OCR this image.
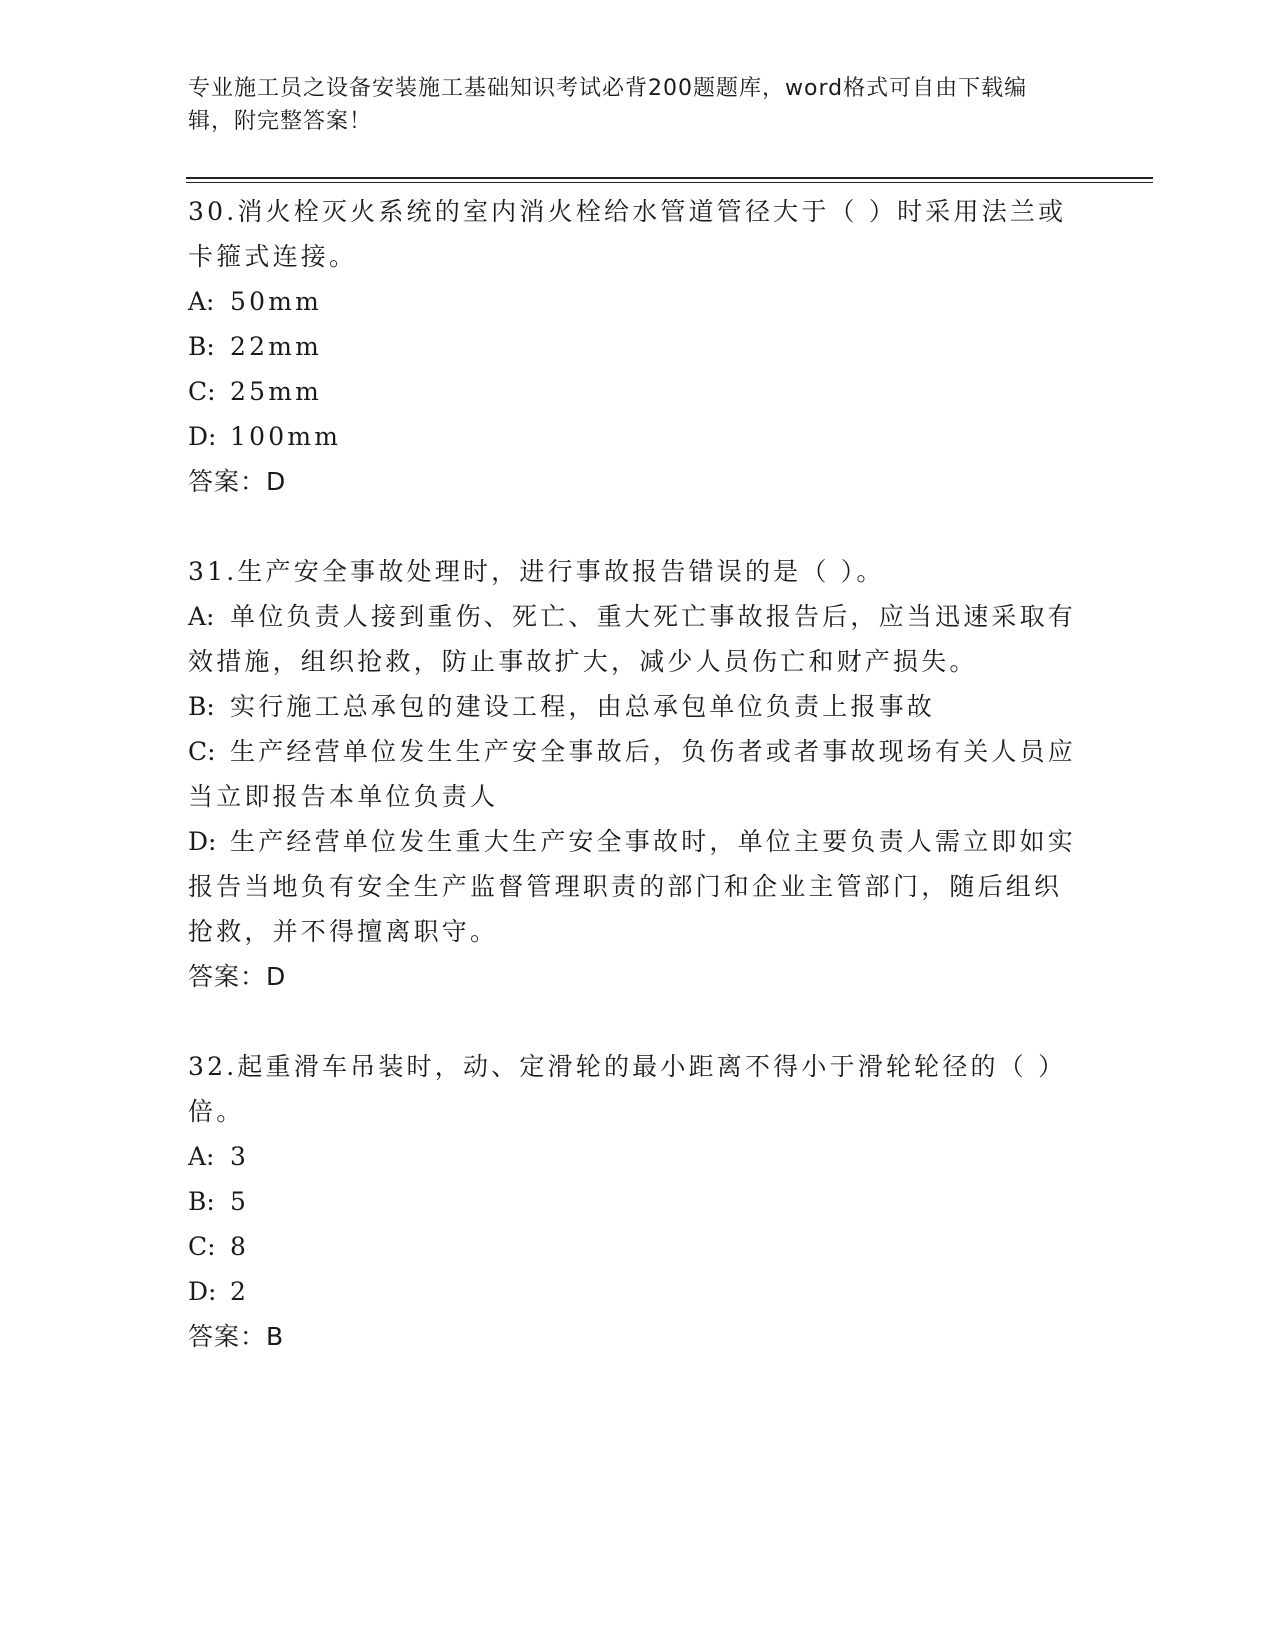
专业施工员之设备安装施工基础知识考试必背200题题库，word格式可自由下载编辑，附完整答案！

30.消火栓灭火系统的室内消火栓给水管道管径大于（ ）时采用法兰或卡箍式连接。

A: 50mm

B: 22mm

C: 25mm

D: 100mm

答案：D

31.生产安全事故处理时，进行事故报告错误的是（ ）。

A: 单位负责人接到重伤、死亡、重大死亡事故报告后，应当迅速采取有效措施，组织抢救，防止事故扩大，减少人员伤亡和财产损失。

B: 实行施工总承包的建设工程，由总承包单位负责上报事故

C: 生产经营单位发生生产安全事故后，负伤者或者事故现场有关人员应当立即报告本单位负责人

D: 生产经营单位发生重大生产安全事故时，单位主要负责人需立即如实报告当地负有安全生产监督管理职责的部门和企业主管部门，随后组织抢救，并不得擅离职守。

答案：D

32.起重滑车吊装时，动、定滑轮的最小距离不得小于滑轮轮径的（ ）倍。

A: 3

B: 5

C: 8

D: 2

答案：B
